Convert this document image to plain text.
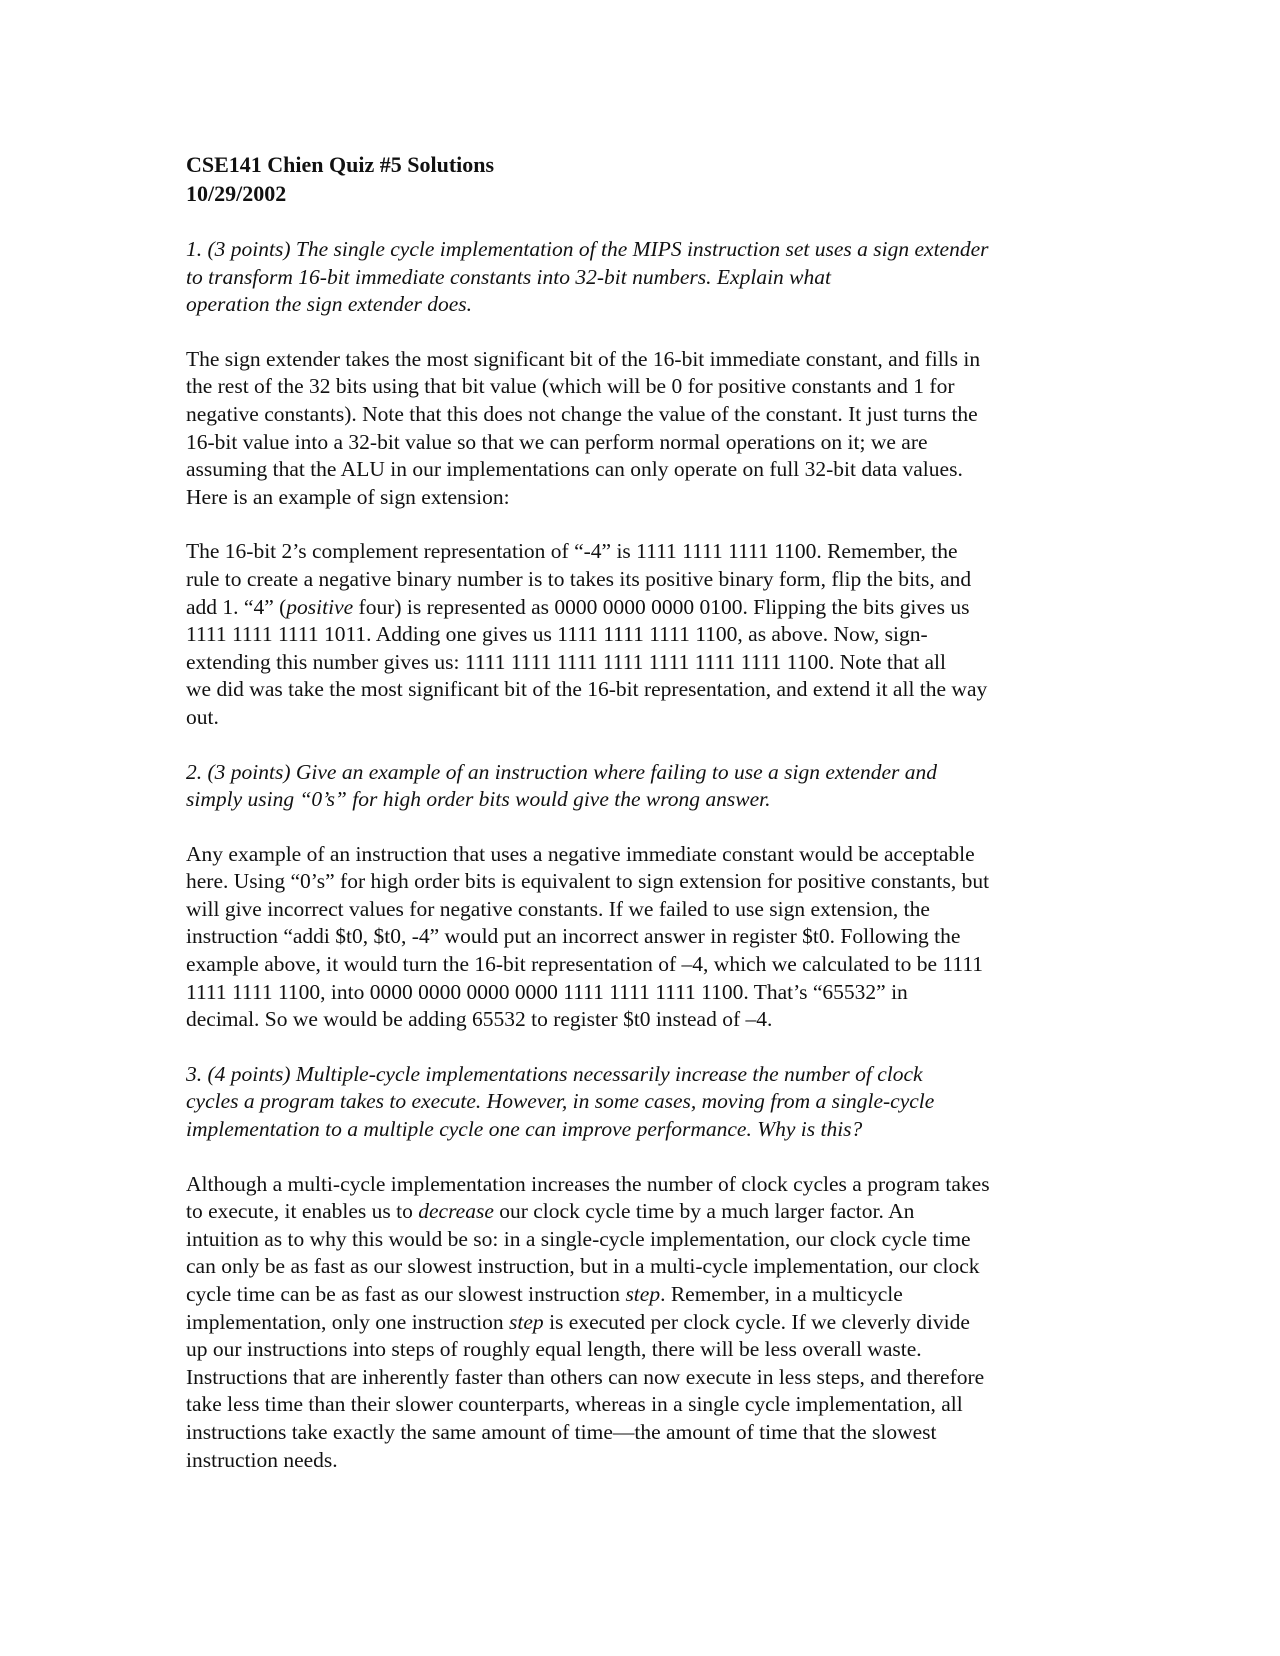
CSE141 Chien Quiz #5 Solutions
10/29/2002
1. (3 points) The single cycle implementation of the MIPS instruction set uses a sign extender
to transform 16-bit immediate constants into 32-bit numbers. Explain what
operation the sign extender does.
The sign extender takes the most significant bit of the 16-bit immediate constant, and fills in
the rest of the 32 bits using that bit value (which will be 0 for positive constants and 1 for
negative constants). Note that this does not change the value of the constant. It just turns the
16-bit value into a 32-bit value so that we can perform normal operations on it; we are
assuming that the ALU in our implementations can only operate on full 32-bit data values.
Here is an example of sign extension:
The 16-bit 2’s complement representation of “-4” is 1111 1111 1111 1100. Remember, the
rule to create a negative binary number is to takes its positive binary form, flip the bits, and
add 1. “4” (positive four) is represented as 0000 0000 0000 0100. Flipping the bits gives us
1111 1111 1111 1011. Adding one gives us 1111 1111 1111 1100, as above. Now, sign-
extending this number gives us: 1111 1111 1111 1111 1111 1111 1111 1100. Note that all
we did was take the most significant bit of the 16-bit representation, and extend it all the way
out.
2. (3 points) Give an example of an instruction where failing to use a sign extender and
simply using “0’s” for high order bits would give the wrong answer.
Any example of an instruction that uses a negative immediate constant would be acceptable
here. Using “0’s” for high order bits is equivalent to sign extension for positive constants, but
will give incorrect values for negative constants. If we failed to use sign extension, the
instruction “addi $t0, $t0, -4” would put an incorrect answer in register $t0. Following the
example above, it would turn the 16-bit representation of –4, which we calculated to be 1111
1111 1111 1100, into 0000 0000 0000 0000 1111 1111 1111 1100. That’s “65532” in
decimal. So we would be adding 65532 to register $t0 instead of –4.
3. (4 points) Multiple-cycle implementations necessarily increase the number of clock
cycles a program takes to execute. However, in some cases, moving from a single-cycle
implementation to a multiple cycle one can improve performance. Why is this?
Although a multi-cycle implementation increases the number of clock cycles a program takes
to execute, it enables us to decrease our clock cycle time by a much larger factor. An
intuition as to why this would be so: in a single-cycle implementation, our clock cycle time
can only be as fast as our slowest instruction, but in a multi-cycle implementation, our clock
cycle time can be as fast as our slowest instruction step. Remember, in a multicycle
implementation, only one instruction step is executed per clock cycle. If we cleverly divide
up our instructions into steps of roughly equal length, there will be less overall waste.
Instructions that are inherently faster than others can now execute in less steps, and therefore
take less time than their slower counterparts, whereas in a single cycle implementation, all
instructions take exactly the same amount of time—the amount of time that the slowest
instruction needs.
